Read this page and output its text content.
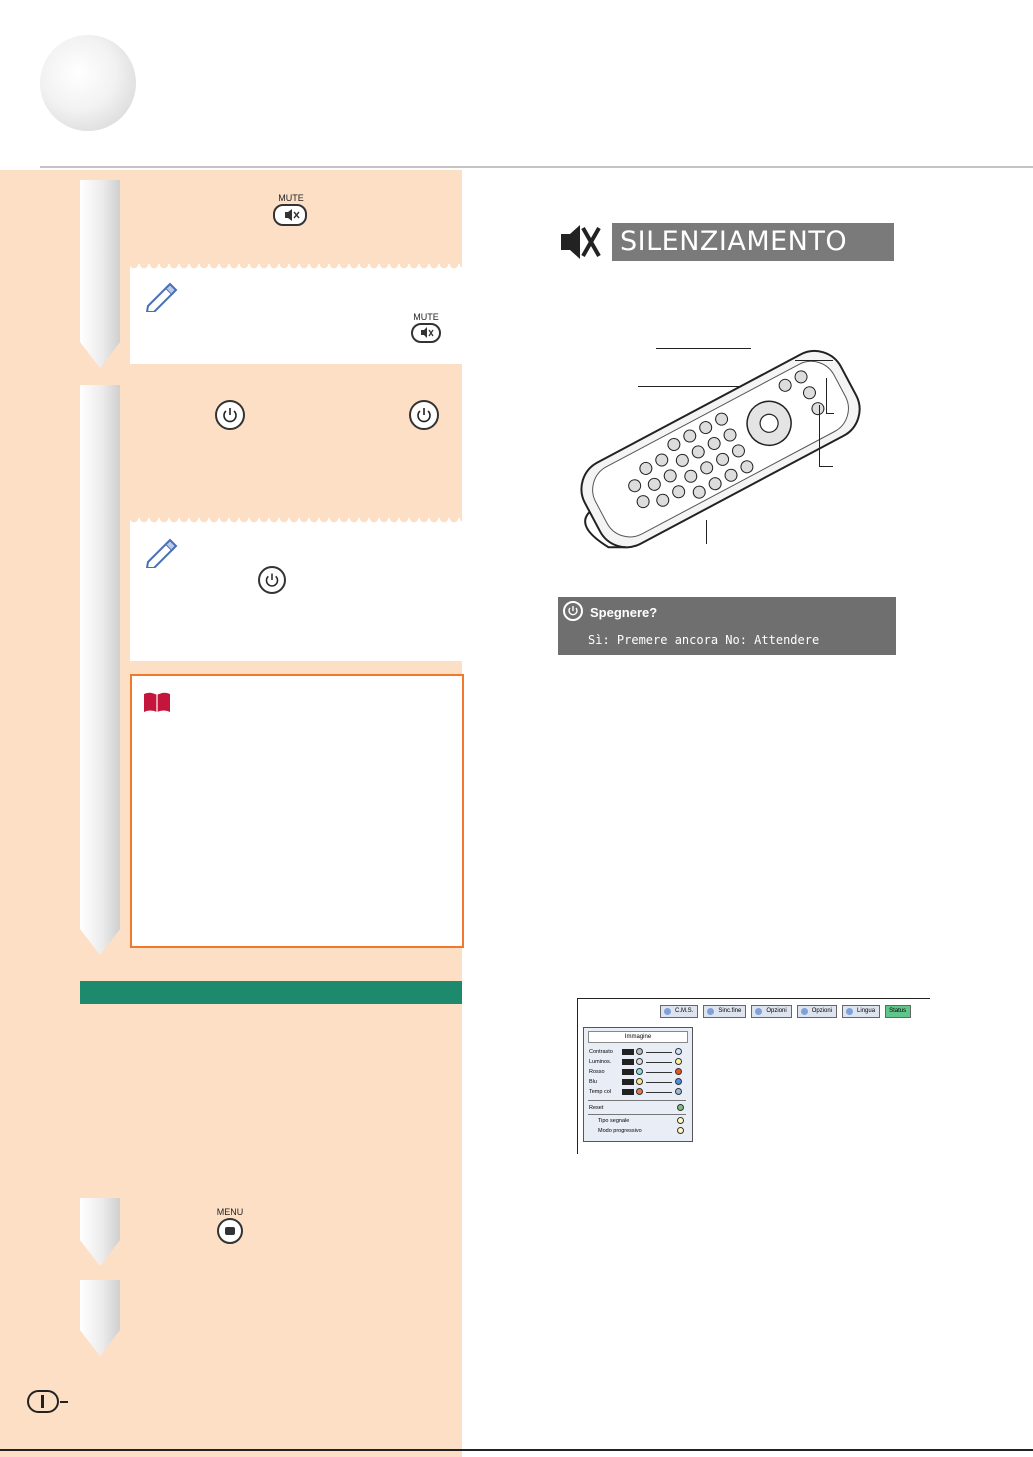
MUTE
MUTE
MENU
SILENZIAMENTO
Spegnere?
Sì: Premere ancora No: Attendere
C.M.S.	Sinc.fine	Opzioni	Opzioni	Lingua	Status
Immagine
Contrasto
Luminos.
Rosso
Blu
Temp col
Reset
Tipo segnale
Modo progressivo
